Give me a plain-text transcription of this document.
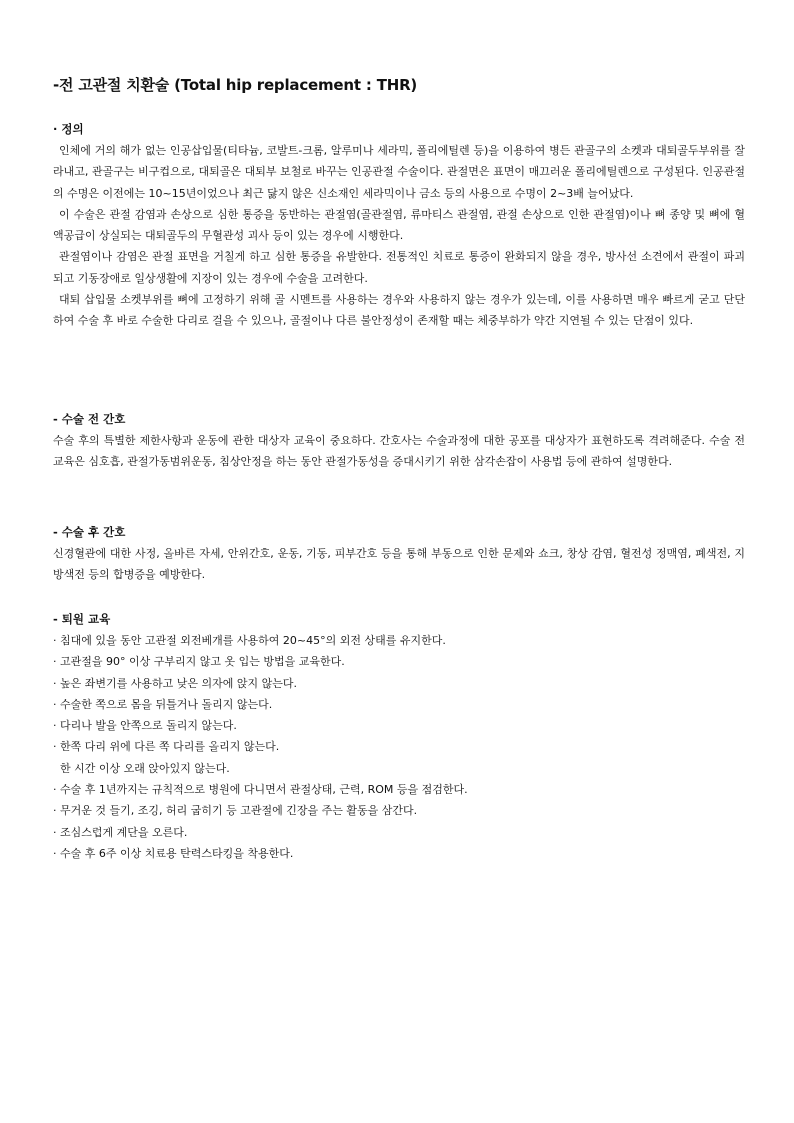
-전 고관절 치환술 (Total hip replacement : THR)
· 정의
인체에 거의 해가 없는 인공삽입물(티타늄, 코발트-크롬, 알루미나 세라믹, 폴리에틸렌 등)을 이용하여 병든 관골구의 소켓과 대퇴골두부위를 잘라내고, 관골구는 비구컵으로, 대퇴골은 대퇴부 보철로 바꾸는 인공관절 수술이다. 관절면은 표면이 매끄러운 폴리에틸렌으로 구성된다. 인공관절의 수명은 이전에는 10~15년이었으나 최근 닳지 않은 신소재인 세라믹이나 금소 등의 사용으로 수명이 2~3배 늘어났다.
이 수술은 관절 감염과 손상으로 심한 통증을 동반하는 관절염(골관절염, 류마티스 관절염, 관절 손상으로 인한 관절염)이나 뼈 종양 및 뼈에 혈액공급이 상실되는 대퇴골두의 무혈관성 괴사 등이 있는 경우에 시행한다.
관절염이나 감염은 관절 표면을 거칠게 하고 심한 통증을 유발한다. 전통적인 치료로 통증이 완화되지 않을 경우, 방사선 소견에서 관절이 파괴되고 기동장애로 일상생활에 지장이 있는 경우에 수술을 고려한다.
대퇴 삽입물 소켓부위를 뼈에 고정하기 위해 골 시멘트를 사용하는 경우와 사용하지 않는 경우가 있는데, 이를 사용하면 매우 빠르게 굳고 단단하여 수술 후 바로 수술한 다리로 걸을 수 있으나, 골절이나 다른 불안정성이 존재할 때는 체중부하가 약간 지연될 수 있는 단점이 있다.
- 수술 전 간호
수술 후의 특별한 제한사항과 운동에 관한 대상자 교육이 중요하다. 간호사는 수술과정에 대한 공포를 대상자가 표현하도록 격려해준다. 수술 전 교육은 심호흡, 관절가동범위운동, 침상안정을 하는 동안 관절가동성을 증대시키기 위한 삼각손잡이 사용법 등에 관하여 설명한다.
- 수술 후 간호
신경혈관에 대한 사정, 올바른 자세, 안위간호, 운동, 기동, 피부간호 등을 통해 부동으로 인한 문제와 쇼크, 창상 감염, 혈전성 정맥염, 폐색전, 지방색전 등의 합병증을 예방한다.
- 퇴원 교육
· 침대에 있을 동안 고관절 외전베개를 사용하여 20~45°의 외전 상태를 유지한다.
· 고관절을 90° 이상 구부리지 않고 옷 입는 방법을 교육한다.
· 높은 좌변기를 사용하고 낮은 의자에 앉지 않는다.
· 수술한 쪽으로 몸을 뒤틀거나 돌리지 않는다.
· 다리나 발을 안쪽으로 돌리지 않는다.
· 한쪽 다리 위에 다른 쪽 다리를 올리지 않는다.
한 시간 이상 오래 앉아있지 않는다.
· 수술 후 1년까지는 규칙적으로 병원에 다니면서 관절상태, 근력, ROM 등을 점검한다.
· 무거운 것 들기, 조깅, 허리 굽히기 등 고관절에 긴장을 주는 활동을 삼간다.
· 조심스럽게 계단을 오른다.
· 수술 후 6주 이상 치료용 탄력스타킹을 착용한다.
